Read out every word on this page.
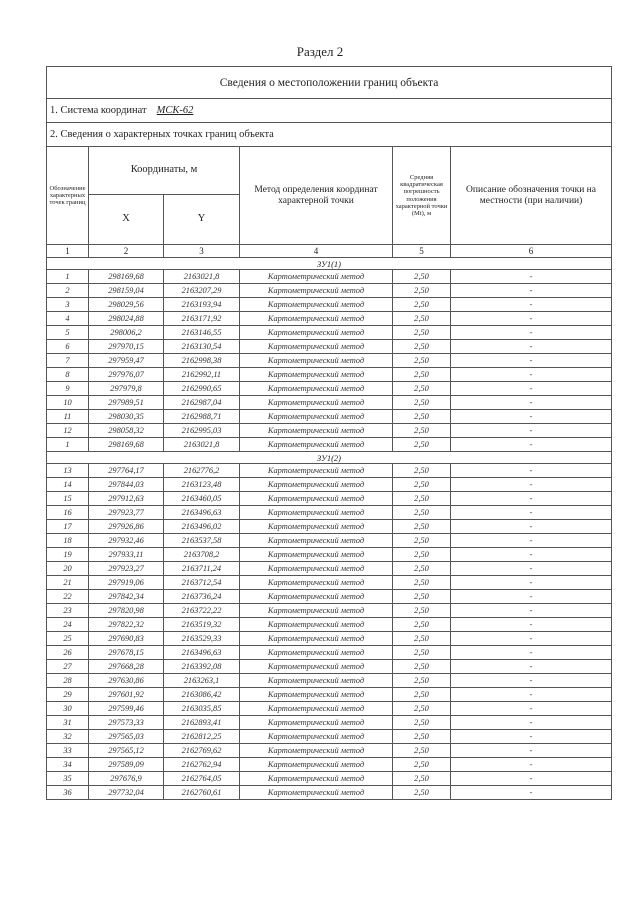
Раздел 2
Сведения о местоположении границ объекта					
1. Система координат МСК-62					
2. Сведения о характерных точках границ объекта					
Обозначение характерных точек границ	Координаты, м		Метод определения координат характерной точки	Средняя квадратическая погрешность положения характерной точки (Mt), м	Описание обозначения точки на местности (при наличии)
	X	Y			
1	2	3	4	5	6
ЗУ1(1)					
1	298169,68	2163021,8	Картометрический метод	2,50	-
2	298159,04	2163207,29	Картометрический метод	2,50	-
3	298029,56	2163193,94	Картометрический метод	2,50	-
4	298024,88	2163171,92	Картометрический метод	2,50	-
5	298006,2	2163146,55	Картометрический метод	2,50	-
6	297970,15	2163130,54	Картометрический метод	2,50	-
7	297959,47	2162998,38	Картометрический метод	2,50	-
8	297976,07	2162992,11	Картометрический метод	2,50	-
9	297979,8	2162990,65	Картометрический метод	2,50	-
10	297989,51	2162987,04	Картометрический метод	2,50	-
11	298030,35	2162988,71	Картометрический метод	2,50	-
12	298058,32	2162995,03	Картометрический метод	2,50	-
1	298169,68	2163021,8	Картометрический метод	2,50	-
ЗУ1(2)					
13	297764,17	2162776,2	Картометрический метод	2,50	-
14	297844,03	2163123,48	Картометрический метод	2,50	-
15	297912,63	2163460,05	Картометрический метод	2,50	-
16	297923,77	2163496,63	Картометрический метод	2,50	-
17	297926,86	2163496,02	Картометрический метод	2,50	-
18	297932,46	2163537,58	Картометрический метод	2,50	-
19	297933,11	2163708,2	Картометрический метод	2,50	-
20	297923,27	2163711,24	Картометрический метод	2,50	-
21	297919,06	2163712,54	Картометрический метод	2,50	-
22	297842,34	2163736,24	Картометрический метод	2,50	-
23	297820,98	2163722,22	Картометрический метод	2,50	-
24	297822,32	2163519,32	Картометрический метод	2,50	-
25	297690,83	2163529,33	Картометрический метод	2,50	-
26	297678,15	2163496,63	Картометрический метод	2,50	-
27	297668,28	2163392,08	Картометрический метод	2,50	-
28	297630,86	2163263,1	Картометрический метод	2,50	-
29	297601,92	2163086,42	Картометрический метод	2,50	-
30	297599,46	2163035,85	Картометрический метод	2,50	-
31	297573,33	2162893,41	Картометрический метод	2,50	-
32	297565,03	2162812,25	Картометрический метод	2,50	-
33	297565,12	2162769,62	Картометрический метод	2,50	-
34	297589,09	2162762,94	Картометрический метод	2,50	-
35	297676,9	2162764,05	Картометрический метод	2,50	-
36	297732,04	2162760,61	Картометрический метод	2,50	-
